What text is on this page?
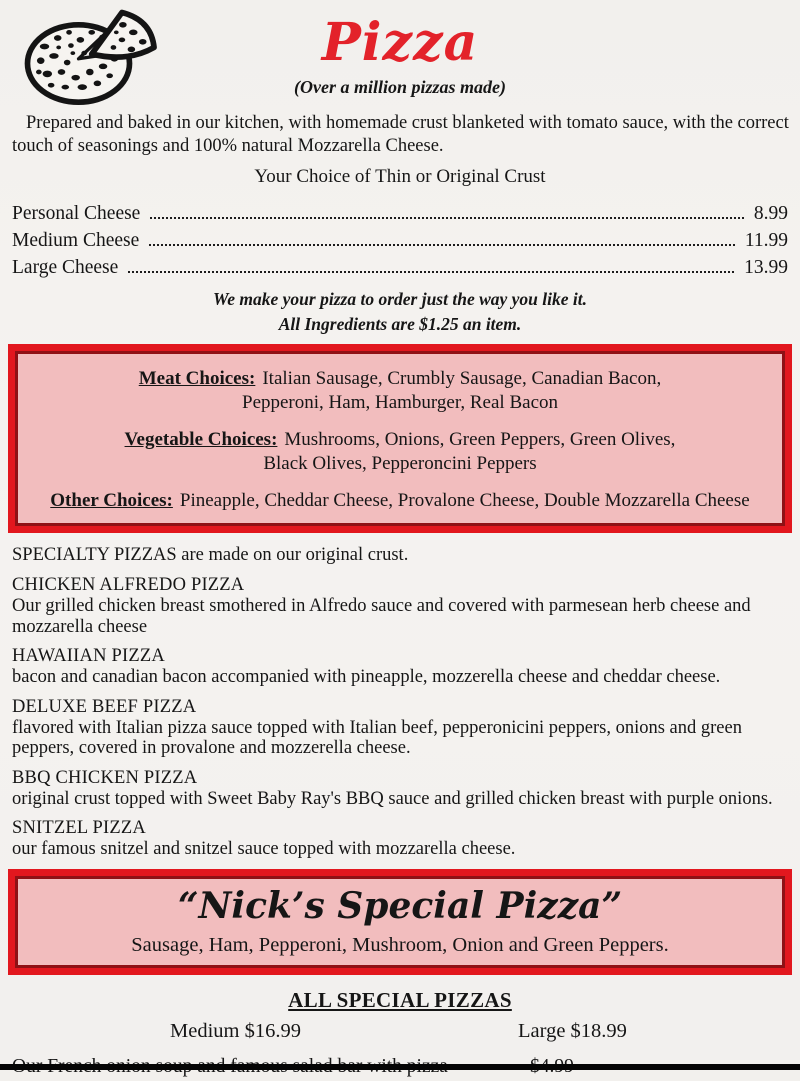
Pizza
(Over a million pizzas made)

Prepared and baked in our kitchen, with homemade crust blanketed with tomato sauce, with the correct touch of seasonings and 100% natural Mozzarella Cheese.

Your Choice of Thin or Original Crust
Personal Cheese	8.99
Medium Cheese	11.99
Large Cheese	13.99
We make your pizza to order just the way you like it.
All Ingredients are $1.25 an item.
Meat Choices: Italian Sausage, Crumbly Sausage, Canadian Bacon,
Pepperoni, Ham, Hamburger, Real Bacon
Vegetable Choices: Mushrooms, Onions, Green Peppers, Green Olives,
Black Olives, Pepperoncini Peppers
Other Choices: Pineapple, Cheddar Cheese, Provalone Cheese, Double Mozzarella Cheese
SPECIALTY PIZZAS are made on our original crust.
CHICKEN ALFREDO PIZZA
Our grilled chicken breast smothered in Alfredo sauce and covered with parmesean herb cheese and mozzarella cheese
HAWAIIAN PIZZA
bacon and canadian bacon accompanied with pineapple, mozzerella cheese and cheddar cheese.
DELUXE BEEF PIZZA
flavored with Italian pizza sauce topped with Italian beef, pepperonicini peppers, onions and green peppers, covered in provalone and mozzerella cheese.
BBQ CHICKEN PIZZA
original crust topped with Sweet Baby Ray's BBQ sauce and grilled chicken breast with purple onions.
SNITZEL PIZZA
our famous snitzel and snitzel sauce topped with mozzarella cheese.
“Nick’s Special Pizza”
Sausage, Ham, Pepperoni, Mushroom, Onion and Green Peppers.
ALL SPECIAL PIZZAS
Medium $16.99	Large $18.99
